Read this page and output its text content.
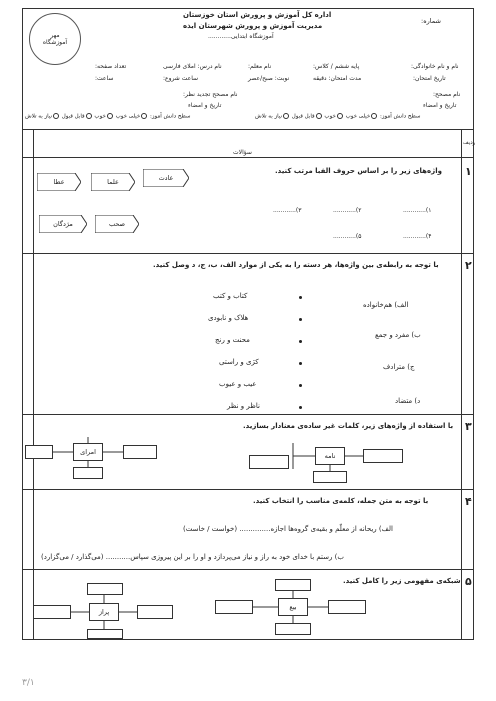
اداره کل آموزش و پرورش استان خوزستان
مدیریت آموزش و پرورش شهرستان ایذه
آموزشگاه ابتدایی............
شماره:
مهر
آموزشگاه
نام و نام خانوادگی:
پایه ششم / کلاس:
نام معلم:
نام درس: املای فارسی
تعداد صفحه:
تاریخ امتحان:
مدت امتحان: دقیقه
نوبت: صبح/عصر
ساعت شروع:
ساعت:
نام مصحح:
تاریخ و امضاء
نام مصحح تجدید نظر:
تاریخ و امضاء
سطح دانش آموز: خیلی خوب خوب قابل قبول نیاز به تلاش
سطح دانش آموز: خیلی خوب خوب قابل قبول نیاز به تلاش
ردیف
سؤالات
۱
واژه‌های زیر را بر اساس حروف الفبا مرتب کنید.
عادت
علما
عطا
صحب
مژدگان
۱)............
۲)............
۳)............
۴)............
۵)............
۲
با توجه به رابطه‌ی بین واژه‌ها، هر دسته را به یکی از موارد الف، ب، ج، د وصل کنید.
کتاب و کتب
هلاک و نابودی
محنت و رنج
کژی و راستی
عیب و عیوب
ناظر و نظر
الف) هم‌خانواده
ب) مفرد و جمع
ج) مترادف
د) متضاد
۳
با استفاده از واژه‌های زیر، کلمات غیر ساده‌ی معنادار بسازید.
نامه
امرای
۴
با توجه به متن جمله، کلمه‌ی مناسب را انتخاب کنید.
الف) ریحانه از معلّم و بقیه‌ی گروه‌ها اجازه.............. (خواست / خاست)
ب) رستم با خدای خود به راز و نیاز می‌پردازد و او را بر این پیروزی سپاس........... (می‌گذارد / می‌گزارد)
۵
شبکه‌ی مفهومی زیر را کامل کنید.
بیع
پراز
۳/۱
